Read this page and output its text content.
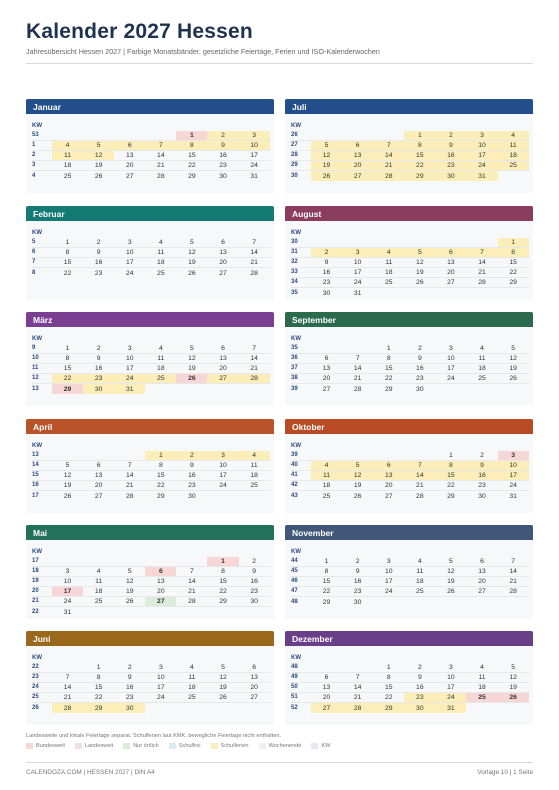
Kalender 2027 Hessen
Jahresübersicht Hessen 2027 | Farbige Monatsbänder, gesetzliche Feiertage, Ferien und ISO-Kalenderwochen
Januar
KW							
53					1	2	3
1	4	5	6	7	8	9	10
2	11	12	13	14	15	16	17
3	18	19	20	21	22	23	24
4	25	26	27	28	29	30	31
Juli
KW							
26				1	2	3	4
27	5	6	7	8	9	10	11
28	12	13	14	15	16	17	18
29	19	20	21	22	23	24	25
30	26	27	28	29	30	31	
Februar
KW							
5	1	2	3	4	5	6	7
6	8	9	10	11	12	13	14
7	15	16	17	18	19	20	21
8	22	23	24	25	26	27	28
August
KW							
30							1
31	2	3	4	5	6	7	8
32	9	10	11	12	13	14	15
33	16	17	18	19	20	21	22
34	23	24	25	26	27	28	29
35	30	31					
März
KW							
9	1	2	3	4	5	6	7
10	8	9	10	11	12	13	14
11	15	16	17	18	19	20	21
12	22	23	24	25	26	27	28
13	29	30	31				
September
KW							
35			1	2	3	4	5
36	6	7	8	9	10	11	12
37	13	14	15	16	17	18	19
38	20	21	22	23	24	25	26
39	27	28	29	30			
April
KW							
13				1	2	3	4
14	5	6	7	8	9	10	11
15	12	13	14	15	16	17	18
16	19	20	21	22	23	24	25
17	26	27	28	29	30		
Oktober
KW							
39					1	2	3
40	4	5	6	7	8	9	10
41	11	12	13	14	15	16	17
42	18	19	20	21	22	23	24
43	25	26	27	28	29	30	31
Mai
KW							
17						1	2
18	3	4	5	6	7	8	9
19	10	11	12	13	14	15	16
20	17	18	19	20	21	22	23
21	24	25	26	27	28	29	30
22	31						
November
KW							
44	1	2	3	4	5	6	7
45	8	9	10	11	12	13	14
46	15	16	17	18	19	20	21
47	22	23	24	25	26	27	28
48	29	30					
Juni
KW							
22		1	2	3	4	5	6
23	7	8	9	10	11	12	13
24	14	15	16	17	18	19	20
25	21	22	23	24	25	26	27
26	28	29	30				
Dezember
KW							
48			1	2	3	4	5
49	6	7	8	9	10	11	12
50	13	14	15	16	17	18	19
51	20	21	22	23	24	25	26
52	27	28	29	30	31		
Landesweite und lokale Feiertage separat. Schulferien laut KMK, bewegliche Feiertage nicht enthalten.
Bundesweit	Landesweit	Nur örtlich	Schulfrei	Schulferien	Wochenende	KW
CALENDOZA.COM | HESSEN 2027 | DIN A4	Vorlage 10 | 1 Seite
